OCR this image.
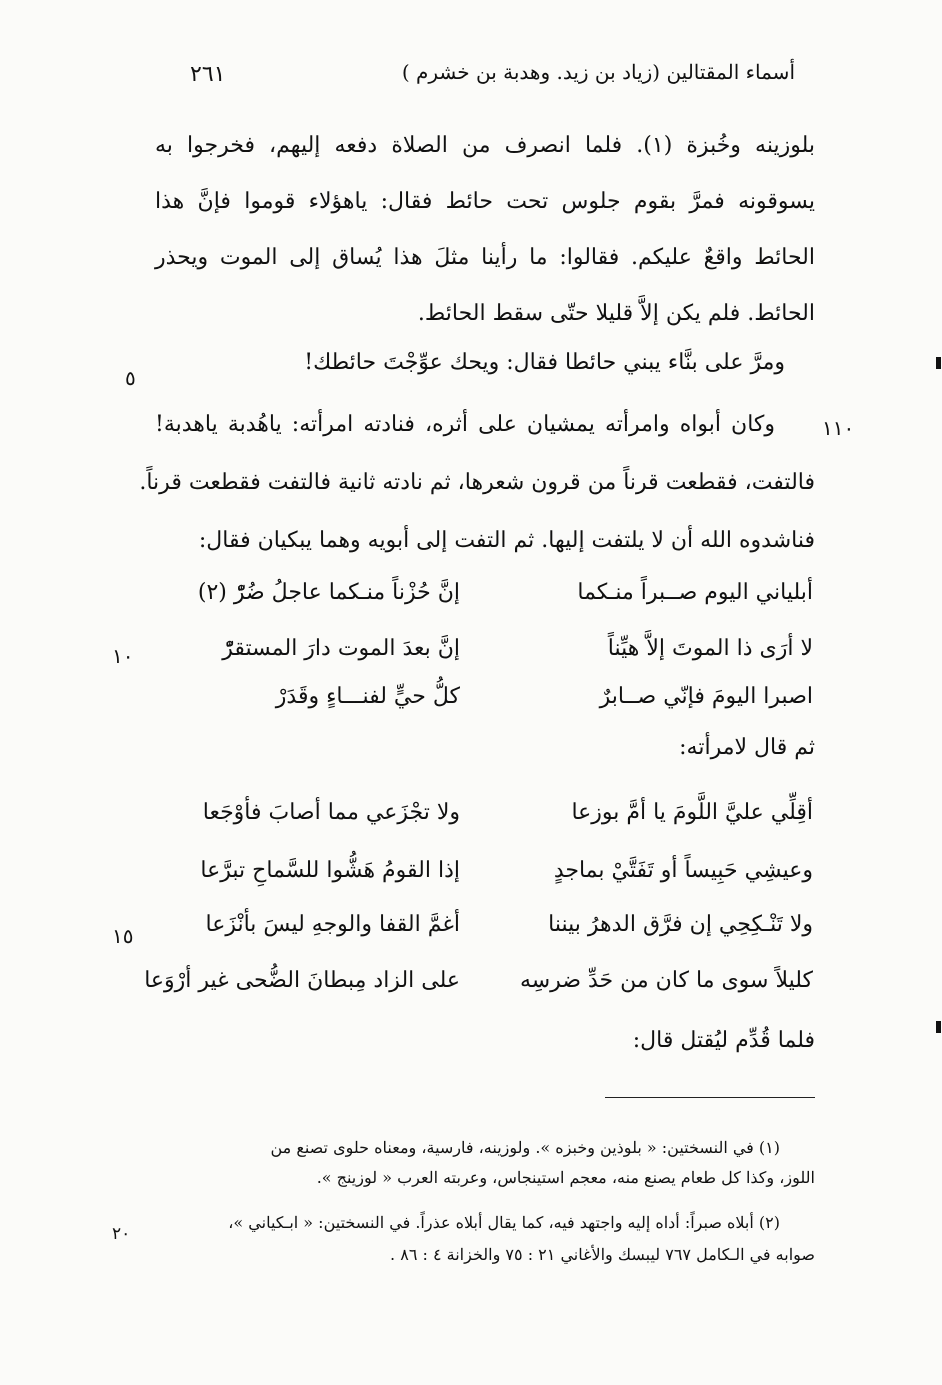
أسماء المقتالين (زياد بن زيد. وهدبة بن خشرم )
٢٦١
بلوزينه وخُبزة (١). فلما انصرف من الصلاة دفعه إليهم، فخرجوا به يسوقونه فمرَّ بقوم جلوس تحت حائط فقال: ياهؤلاء قوموا فإنَّ هذا الحائط واقعٌ عليكم. فقالوا: ما رأينا مثلَ هذا يُساق إلى الموت ويحذر الحائط. فلم يكن إلاَّ قليلا حتّى سقط الحائط.
ومرَّ على بنَّاء يبني حائطا فقال: ويحك عوِّجْتَ حائطك!
٥
وكان أبواه وامرأته يمشيان على أثره، فنادته امرأته: ياهُدبة ياهدبة!	١١٠
فالتفت، فقطعت قرناً من قرون شعرها، ثم نادته ثانية فالتفت فقطعت قرناً.
فناشدوه الله أن لا يلتفت إليها. ثم التفت إلى أبويه وهما يبكيان فقال:
أبلياني اليوم صــبراً منـكما
إنَّ حُزْناً منـكما عاجلُ ضُرّْ (٢)
لا أرَى ذا الموتَ إلاَّ هيِّناً
إنَّ بعدَ الموت دارَ المستقرّْ
١٠
اصبرا اليومَ فإنّي صــابرٌ
كلُّ حيٍّ لفنـــاءٍ وقَدَرْ
ثم قال لامرأته:
أقِلِّي عليَّ اللَّومَ يا أمَّ بوزعا
ولا تجْزَعي مما أصابَ فأوْجَعا
وعيشِي حَبِيساً أو تَفَتَّيْ بماجدٍ
إذا القومُ هَشُّوا للسَّماحِ تبرَّعا
ولا تَنْـكِحِي إن فرَّق الدهرُ بيننا
أغمَّ القفا والوجهِ ليسَ بأنْزَعا
١٥
كليلاً سوى ما كان من حَدِّ ضرسِه
على الزاد مِبطانَ الضُّحى غير أرْوَعا
فلما قُدِّم ليُقتل قال:
(١) في النسختين: « بلوذين وخبزه ». ولوزينه، فارسية، ومعناه حلوى تصنع من
اللوز، وكذا كل طعام يصنع منه، معجم استينجاس، وعربته العرب « لوزينج ».
(٢) أبلاه صبراً: أداه إليه واجتهد فيه، كما يقال أبلاه عذراً. في النسختين: « ابـكياني »،
٢٠
صوابه في الـكامل ٧٦٧ ليبسك والأغاني ٢١ : ٧٥ والخزانة ٤ : ٨٦ .
